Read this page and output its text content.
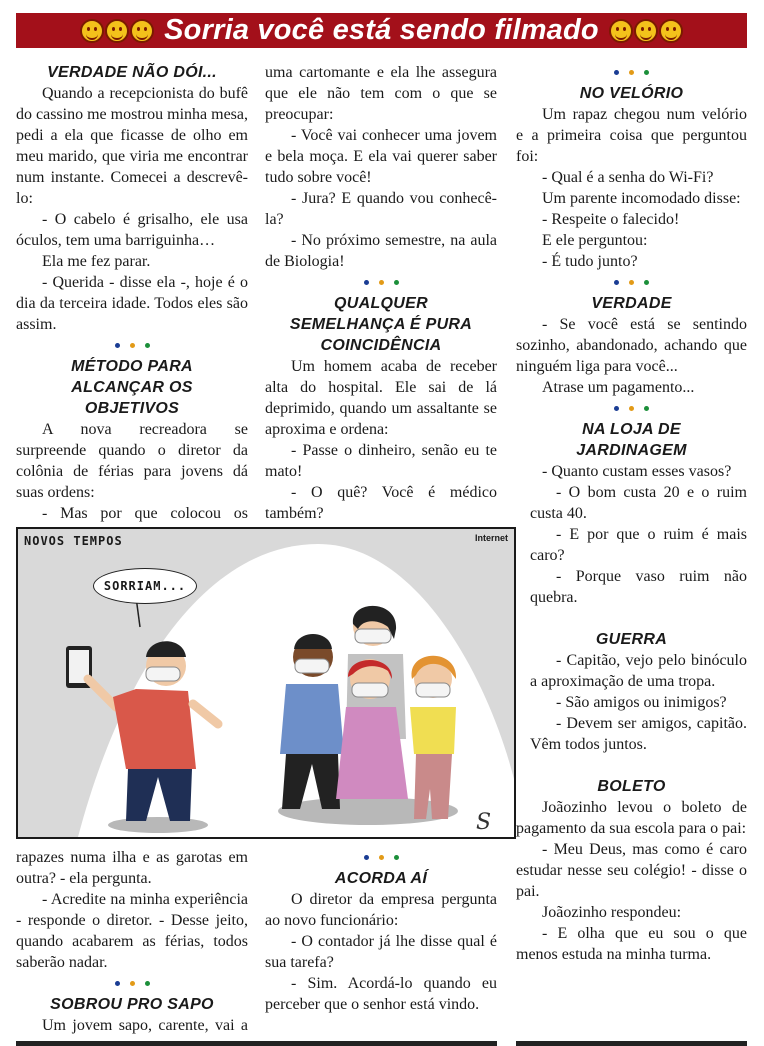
Sorria você está sendo filmado
VERDADE NÃO DÓI...

Quando a recepcionista do bufê do cassino me mostrou minha mesa, pedi a ela que ficasse de olho em meu marido, que viria me encontrar num instante. Comecei a descrevê-lo:

- O cabelo é grisalho, ele usa óculos, tem uma barriguinha…

Ela me fez parar.

- Querida - disse ela -, hoje é o dia da terceira idade. Todos eles são assim.

MÉTODO PARA
ALCANÇAR OS
OBJETIVOS

A nova recreadora se surpreende quando o diretor da colônia de férias para jovens dá suas ordens:

- Mas por que colocou os

uma cartomante e ela lhe assegura que ele não tem com o que se preocupar:

- Você vai conhecer uma jovem e bela moça. E ela vai querer saber tudo sobre você!

- Jura? E quando vou conhecê-la?

- No próximo semestre, na aula de Biologia!

QUALQUER
SEMELHANÇA É PURA
COINCIDÊNCIA

Um homem acaba de receber alta do hospital. Ele sai de lá deprimido, quando um assaltante se aproxima e ordena:

- Passe o dinheiro, senão eu te mato!

- O quê? Você é médico também?

NO VELÓRIO

Um rapaz chegou num velório e a primeira coisa que perguntou foi:

- Qual é a senha do Wi-Fi?

Um parente incomodado disse:

- Respeite o falecido!

E ele perguntou:

- É tudo junto?

VERDADE

- Se você está se sentindo sozinho, abandonado, achando que ninguém liga para você...

Atrase um pagamento...

NA LOJA DE
JARDINAGEM

- Quanto custam esses vasos?

- O bom custa 20 e o ruim custa 40.

- E por que o ruim é mais caro?

- Porque vaso ruim não quebra.

GUERRA

- Capitão, vejo pelo binóculo a aproximação de uma tropa.

- São amigos ou inimigos?

- Devem ser amigos, capitão. Vêm todos juntos.

BOLETO

Joãozinho levou o boleto de pagamento da sua escola para o pai:

- Meu Deus, mas como é caro estudar nesse seu colégio! - disse o pai.

Joãozinho respondeu:

- E olha que eu sou o que menos estuda na minha turma.

S
NOVOS TEMPOS	Internet
SORRIAM...

rapazes numa ilha e as garotas em outra? - ela pergunta.

- Acredite na minha experiência - responde o diretor. - Desse jeito, quando acabarem as férias, todos saberão nadar.

SOBROU PRO SAPO

Um jovem sapo, carente, vai a

ACORDA AÍ

O diretor da empresa pergunta ao novo funcionário:

- O contador já lhe disse qual é sua tarefa?

- Sim. Acordá-lo quando eu perceber que o senhor está vindo.
